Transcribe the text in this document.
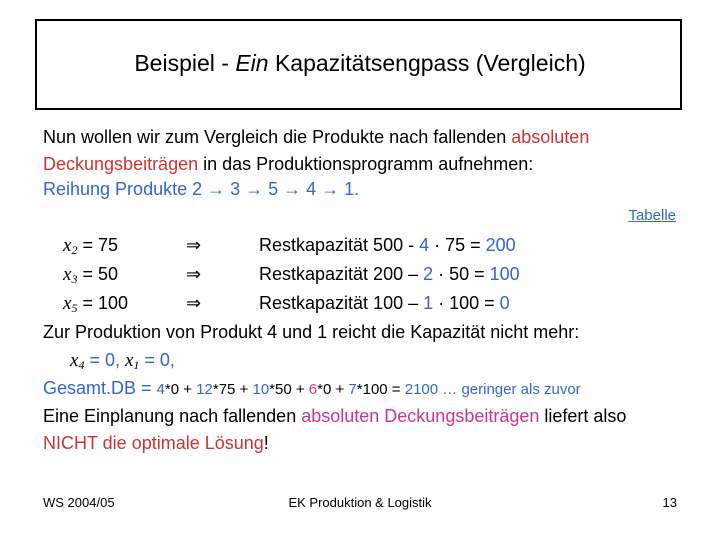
Beispiel - Ein Kapazitätsengpass (Vergleich)
Nun wollen wir zum Vergleich die Produkte nach fallenden absoluten
Deckungsbeiträgen in das Produktionsprogramm aufnehmen:
Reihung Produkte 2 → 3 → 5 → 4 → 1.
Tabelle
$x_2 = 75$	⇒	Restkapazität 500 - 4 · 75 = 200
$x_3 = 50$	⇒	Restkapazität 200 – 2 · 50 = 100
$x_5 = 100$	⇒	Restkapazität 100 – 1 · 100 = 0
Zur Produktion von Produkt 4 und 1 reicht die Kapazität nicht mehr:
$x_4 = 0$, $x_1 = 0$,
Gesamt.DB = 4*0 + 12*75 + 10*50 + 6*0 + 7*100 = 2100 … geringer als zuvor
Eine Einplanung nach fallenden absoluten Deckungsbeiträgen liefert also
NICHT die optimale Lösung!
WS 2004/05	EK Produktion & Logistik	13
